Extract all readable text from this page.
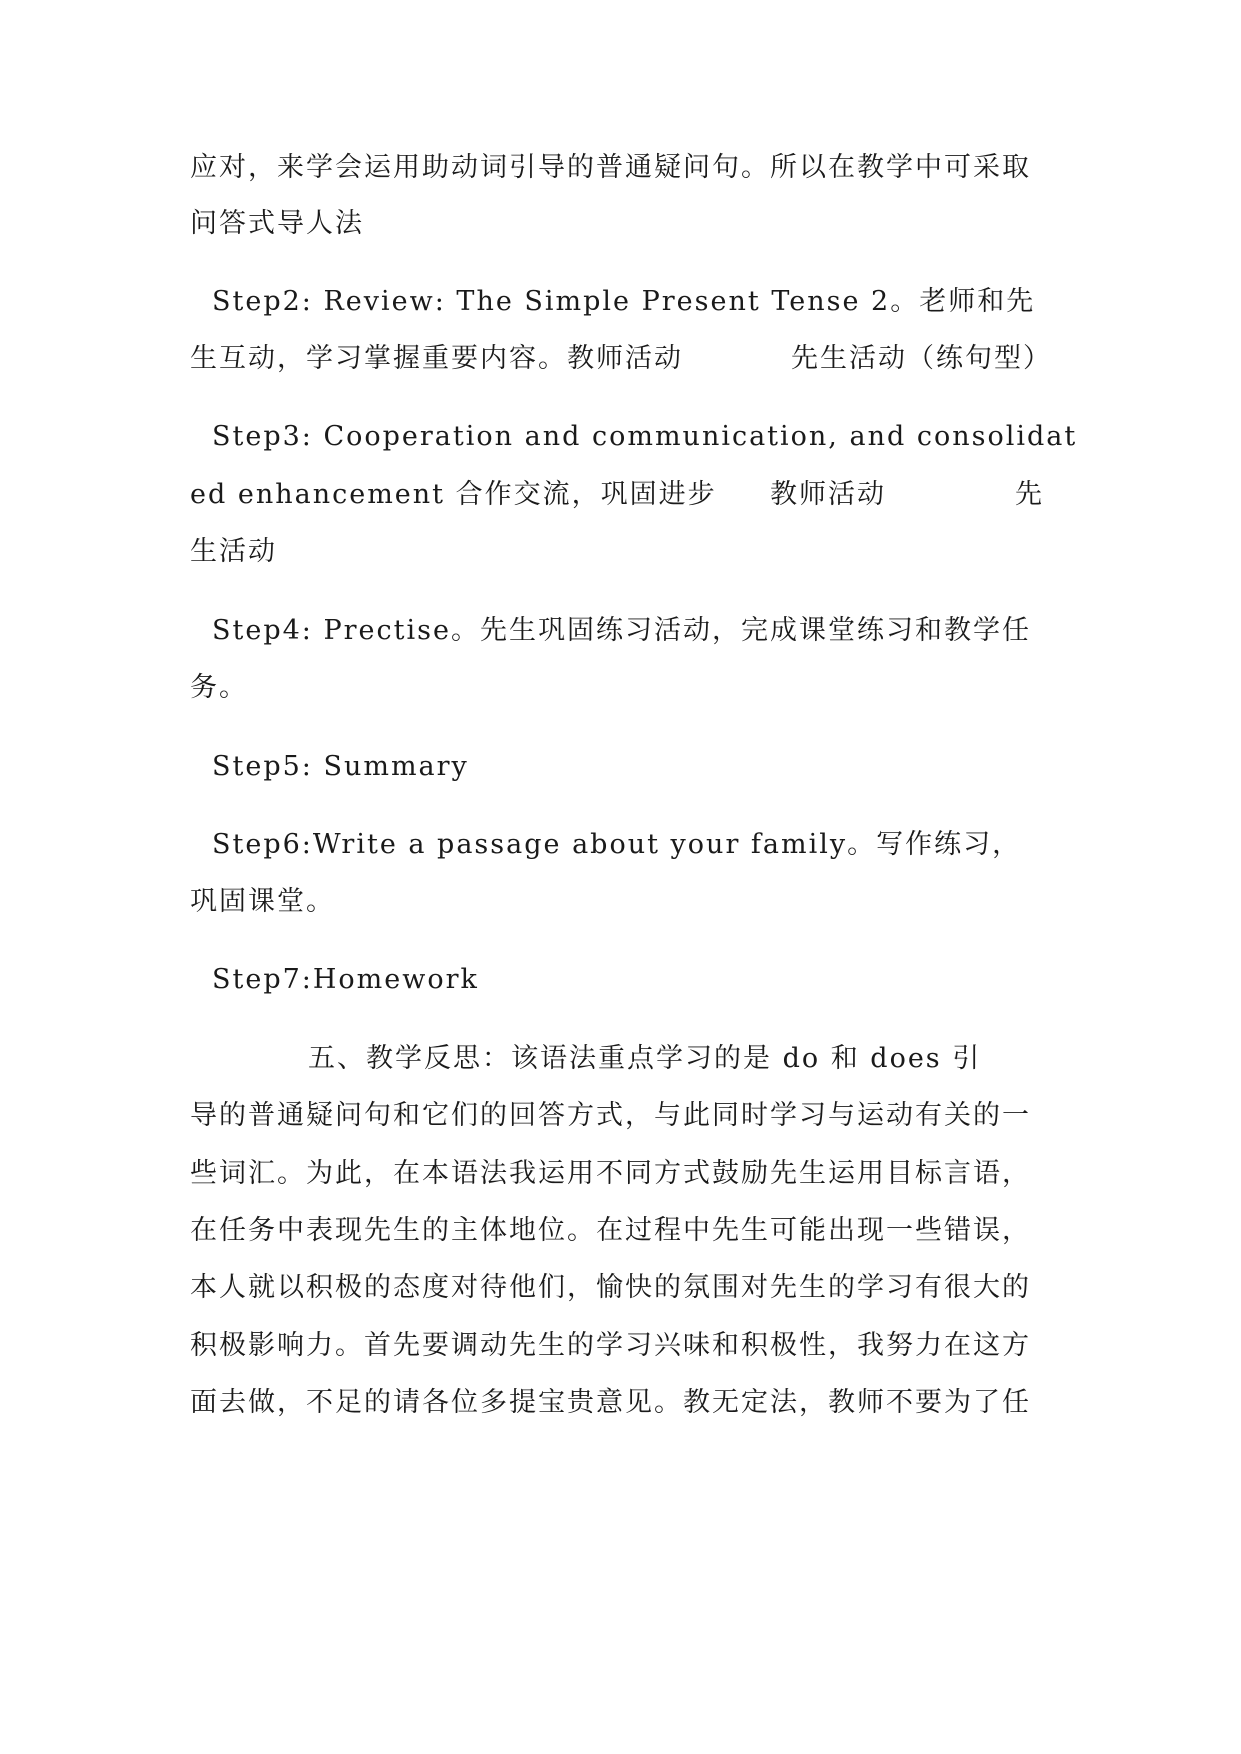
应对，来学会运用助动词引导的普通疑问句。所以在教学中可采取
问答式导人法
Step2: Review: The Simple Present Tense 2。老师和先
生互动，学习掌握重要内容。教师活动	先生活动（练句型）
Step3: Cooperation and communication, and consolidat
ed enhancement 合作交流，巩固进步	教师活动	先
生活动
Step4: Prectise。先生巩固练习活动，完成课堂练习和教学任
务。
Step5: Summary
Step6:Write a passage about your family。写作练习，
巩固课堂。
Step7:Homework
五、教学反思：该语法重点学习的是 do 和 does 引
导的普通疑问句和它们的回答方式，与此同时学习与运动有关的一
些词汇。为此，在本语法我运用不同方式鼓励先生运用目标言语，
在任务中表现先生的主体地位。在过程中先生可能出现一些错误，
本人就以积极的态度对待他们，愉快的氛围对先生的学习有很大的
积极影响力。首先要调动先生的学习兴味和积极性，我努力在这方
面去做，不足的请各位多提宝贵意见。教无定法，教师不要为了任
